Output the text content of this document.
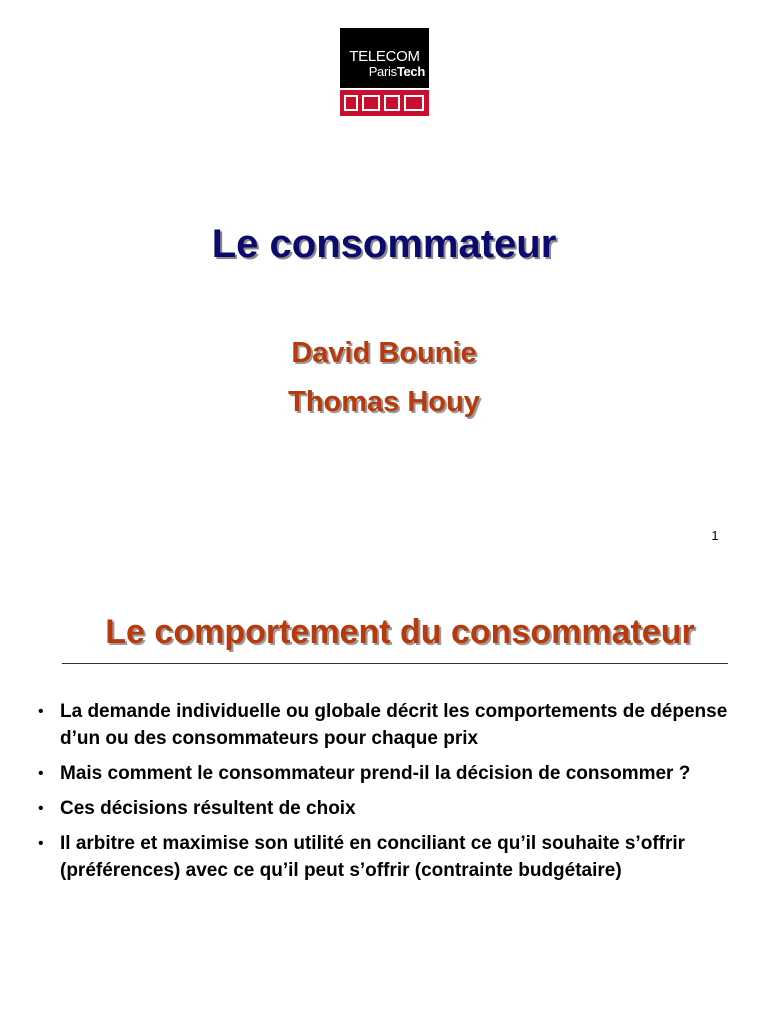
TELECOM
ParisTech
Le consommateur
David Bounie
Thomas Houy
1
Le comportement du consommateur
• La demande individuelle ou globale décrit les comportements de dépense d’un ou des consommateurs pour chaque prix
• Mais comment le consommateur prend-il la décision de consommer ?
• Ces décisions résultent de choix
• Il arbitre et maximise son utilité en conciliant ce qu’il souhaite s’offrir (préférences) avec ce qu’il peut s’offrir (contrainte budgétaire)
